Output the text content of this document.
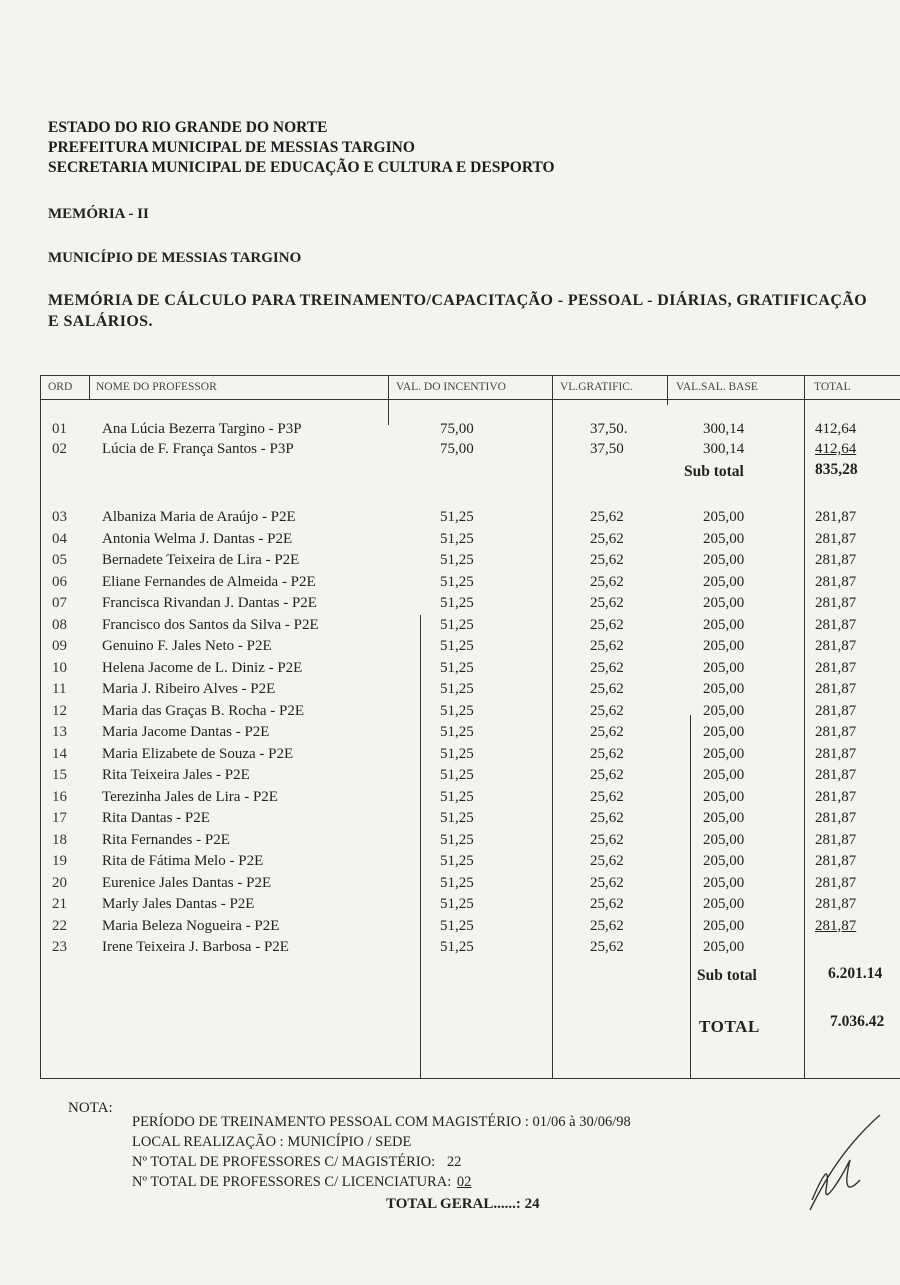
ESTADO DO RIO GRANDE DO NORTE
PREFEITURA MUNICIPAL DE MESSIAS TARGINO
SECRETARIA MUNICIPAL DE EDUCAÇÃO E CULTURA E DESPORTO
MEMÓRIA - II
MUNICÍPIO DE MESSIAS TARGINO
MEMÓRIA DE CÁLCULO PARA TREINAMENTO/CAPACITAÇÃO - PESSOAL - DIÁRIAS, GRATIFICAÇÃO E SALÁRIOS.
ORD NOME DO PROFESSOR	VAL. DO INCENTIVO	VL.GRATIFIC.	VAL.SAL. BASE	TOTAL
01 Ana Lúcia Bezerra Targino - P3P	75,00	37,50.	300,14	412,64
02 Lúcia de F. França Santos - P3P	75,00	37,50	300,14	412,64
Sub total	835,28
03 Albaniza Maria de Araújo - P2E	51,25	25,62	205,00	281,87
04 Antonia Welma J. Dantas - P2E	51,25	25,62	205,00	281,87
05 Bernadete Teixeira de Lira - P2E	51,25	25,62	205,00	281,87
06 Eliane Fernandes de Almeida - P2E	51,25	25,62	205,00	281,87
07 Francisca Rivandan J. Dantas - P2E	51,25	25,62	205,00	281,87
08 Francisco dos Santos da Silva - P2E	51,25	25,62	205,00	281,87
09 Genuino F. Jales Neto - P2E	51,25	25,62	205,00	281,87
10 Helena Jacome de L. Diniz - P2E	51,25	25,62	205,00	281,87
11 Maria J. Ribeiro Alves - P2E	51,25	25,62	205,00	281,87
12 Maria das Graças B. Rocha - P2E	51,25	25,62	205,00	281,87
13 Maria Jacome Dantas - P2E	51,25	25,62	205,00	281,87
14 Maria Elizabete de Souza - P2E	51,25	25,62	205,00	281,87
15 Rita Teixeira Jales - P2E	51,25	25,62	205,00	281,87
16 Terezinha Jales de Lira - P2E	51,25	25,62	205,00	281,87
17 Rita Dantas - P2E	51,25	25,62	205,00	281,87
18 Rita Fernandes - P2E	51,25	25,62	205,00	281,87
19 Rita de Fátima Melo - P2E	51,25	25,62	205,00	281,87
20 Eurenice Jales Dantas - P2E	51,25	25,62	205,00	281,87
21 Marly Jales Dantas - P2E	51,25	25,62	205,00	281,87
22 Maria Beleza Nogueira - P2E	51,25	25,62	205,00	281,87
23 Irene Teixeira J. Barbosa - P2E	51,25	25,62	205,00
Sub total	6.201.14
TOTAL	7.036.42
NOTA:
PERÍODO DE TREINAMENTO PESSOAL COM MAGISTÉRIO : 01/06 à 30/06/98
LOCAL REALIZAÇÃO : MUNICÍPIO / SEDE
Nº TOTAL DE PROFESSORES C/ MAGISTÉRIO: 22
Nº TOTAL DE PROFESSORES C/ LICENCIATURA: 02
TOTAL GERAL......: 24
